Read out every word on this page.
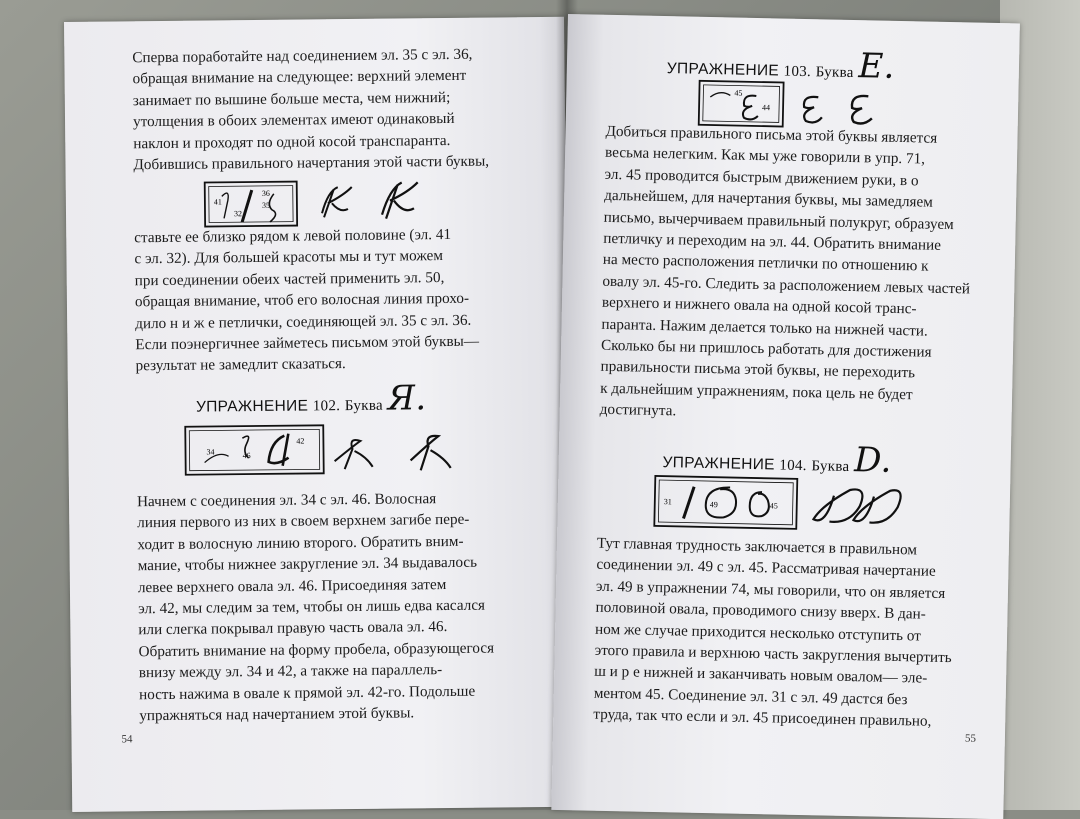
Сперва поработайте над соединением эл. 35 с эл. 36,

обращая внимание на следующее: верхний элемент

занимает по вышине больше места, чем нижний;

утолщения в обоих элементах имеют одинаковый

наклон и проходят по одной косой транспаранта.

Добившись правильного начертания этой части буквы,

41
32
36
35

ставьте ее близко рядом к левой половине (эл. 41

с эл. 32). Для большей красоты мы и тут можем

при соединении обеих частей применить эл. 50,

обращая внимание, чтоб его волосная линия прохо-

дило н и ж е петлички, соединяющей эл. 35 с эл. 36.

Если поэнергичнее займетесь письмом этой буквы—

результат не замедлит сказаться.

УПРАЖНЕНИЕ 102. Буква Я.
34	46
42

Начнем с соединения эл. 34 с эл. 46. Волосная

линия первого из них в своем верхнем загибе пере-

ходит в волосную линию второго. Обратить вним-

мание, чтобы нижнее закругление эл. 34 выдавалось

левее верхнего овала эл. 46. Присоединяя затем

эл. 42, мы следим за тем, чтобы он лишь едва касался

или слегка покрывал правую часть овала эл. 46.

Обратить внимание на форму пробела, образующегося

внизу между эл. 34 и 42, а также на параллель-

ность нажима в овале к прямой эл. 42-го. Подольше

упражняться над начертанием этой буквы.

54
УПРАЖНЕНИЕ 103. Буква Е.
45
44

Добиться правильного письма этой буквы является

весьма нелегким. Как мы уже говорили в упр. 71,

эл. 45 проводится быстрым движением руки, в о

дальнейшем, для начертания буквы, мы замедляем

письмо, вычерчиваем правильный полукруг, образуем

петличку и переходим на эл. 44. Обратить внимание

на место расположения петлички по отношению к

овалу эл. 45-го. Следить за расположением левых частей

верхнего и нижнего овала на одной косой транс-

паранта. Нажим делается только на нижней части.

Сколько бы ни пришлось работать для достижения

правильности письма этой буквы, не переходить

к дальнейшим упражнениям, пока цель не будет

достигнута.

УПРАЖНЕНИЕ 104. Буква D.
31	49	45

Тут главная трудность заключается в правильном

соединении эл. 49 с эл. 45. Рассматривая начертание

эл. 49 в упражнении 74, мы говорили, что он является

половиной овала, проводимого снизу вверх. В дан-

ном же случае приходится несколько отступить от

этого правила и верхнюю часть закругления вычертить

ш и р е нижней и заканчивать новым овалом— эле-

ментом 45. Соединение эл. 31 с эл. 49 дастся без

труда, так что если и эл. 45 присоединен правильно,

55
